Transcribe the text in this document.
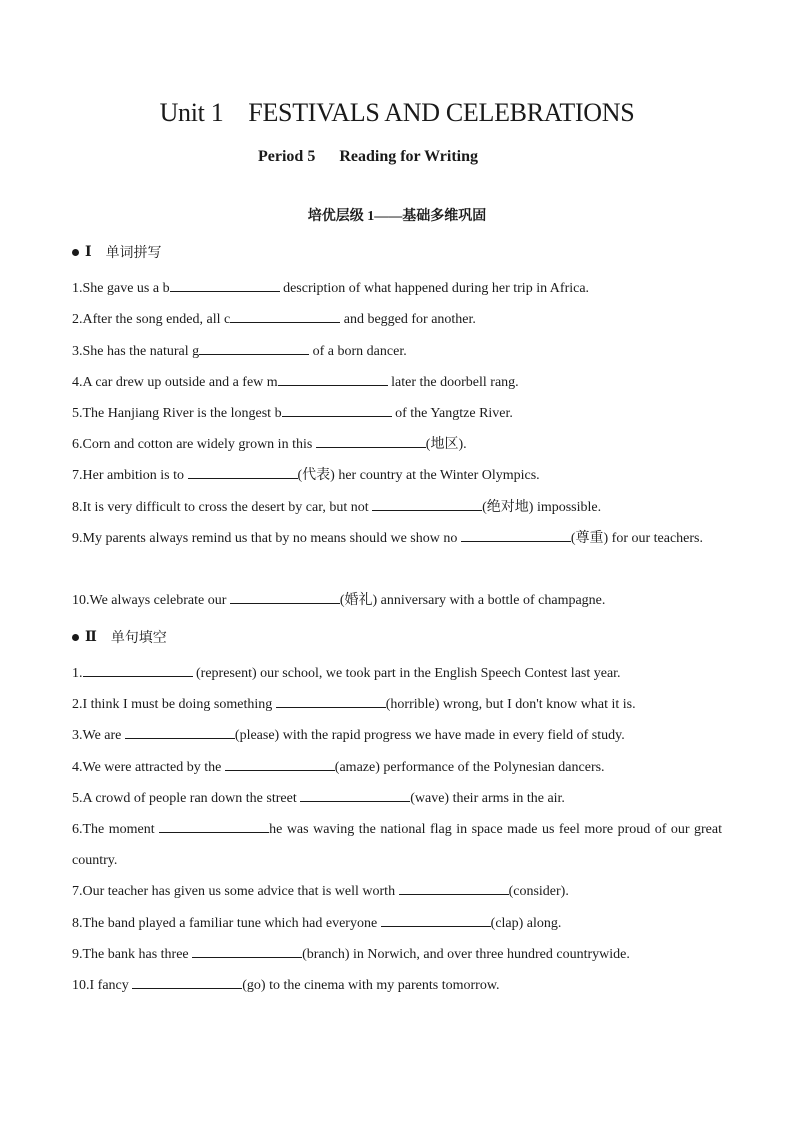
Unit 1    FESTIVALS AND CELEBRATIONS
Period 5      Reading for Writing
培优层级 1——基础多维巩固
Ⅰ 单词拼写
1.She gave us a b	description of what happened during her trip in Africa.
2.After the song ended, all c	and begged for another.
3.She has the natural g	of a born dancer.
4.A car drew up outside and a few m	later the doorbell rang.
5.The Hanjiang River is the longest b	of the Yangtze River.
6.Corn and cotton are widely grown in this	(地区).
7.Her ambition is to	(代表) her country at the Winter Olympics.
8.It is very difficult to cross the desert by car, but not	(绝对地) impossible.
9.My parents always remind us that by no means should we show no	(尊重) for our teachers.
10.We always celebrate our	(婚礼) anniversary with a bottle of champagne.
Ⅱ 单句填空
1.	(represent) our school, we took part in the English Speech Contest last year.
2.I think I must be doing something	(horrible) wrong, but I don't know what it is.
3.We are	(please) with the rapid progress we have made in every field of study.
4.We were attracted by the	(amaze) performance of the Polynesian dancers.
5.A crowd of people ran down the street	(wave) their arms in the air.
6.The moment	he was waving the national flag in space made us feel more proud of our great country.
7.Our teacher has given us some advice that is well worth	(consider).
8.The band played a familiar tune which had everyone	(clap) along.
9.The bank has three	(branch) in Norwich, and over three hundred countrywide.
10.I fancy	(go) to the cinema with my parents tomorrow.
